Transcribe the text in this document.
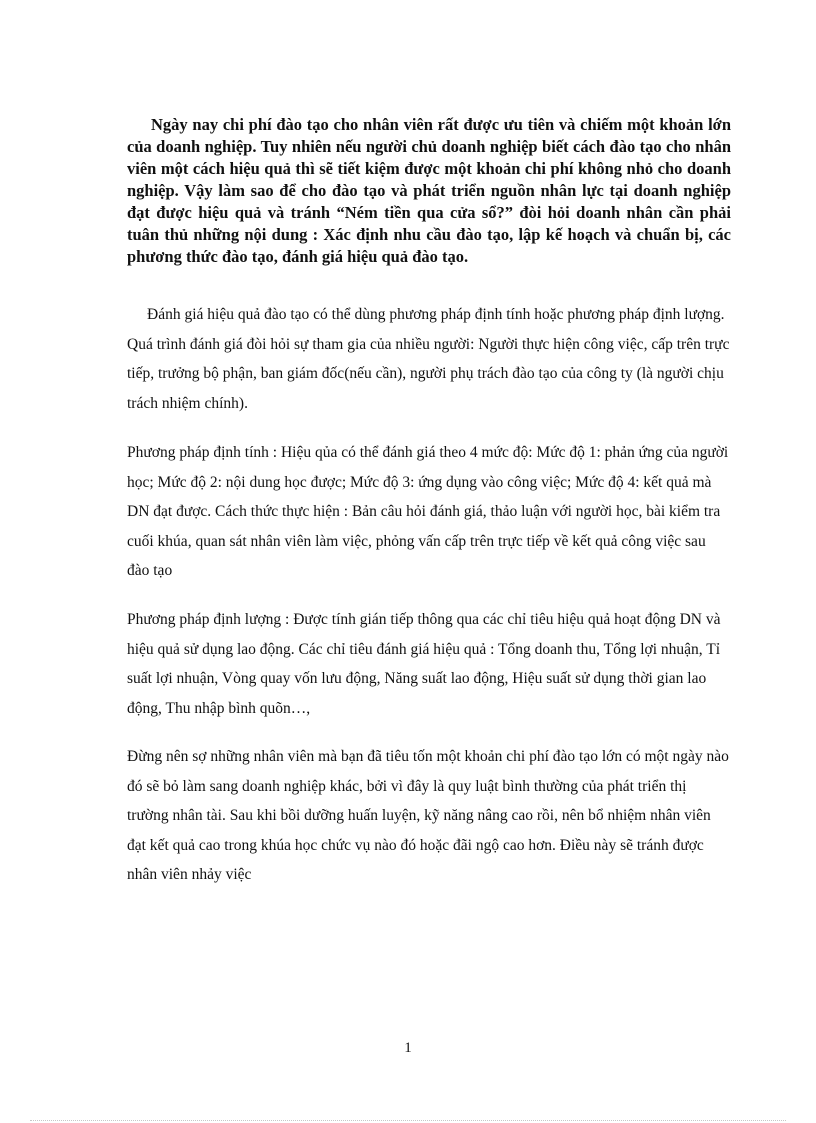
Ngày nay chi phí đào tạo cho nhân viên rất được ưu tiên và chiếm một khoản lớn của doanh nghiệp. Tuy nhiên nếu người chủ doanh nghiệp biết cách đào tạo cho nhân viên một cách hiệu quả thì sẽ tiết kiệm được một khoản chi phí không nhỏ cho doanh nghiệp. Vậy làm sao để cho đào tạo và phát triển nguồn nhân lực tại doanh nghiệp đạt được hiệu quả và tránh “Ném tiền qua cửa sổ?” đòi hỏi doanh nhân cần phải tuân thủ những nội dung : Xác định nhu cầu đào tạo, lập kế hoạch và chuẩn bị, các phương thức đào tạo, đánh giá hiệu quả đào tạo.

Đánh giá hiệu quả đào tạo có thể dùng phương pháp định tính hoặc phương pháp định lượng. Quá trình đánh giá đòi hỏi sự tham gia của nhiều người: Người thực hiện công việc, cấp trên trực tiếp, trưởng bộ phận, ban giám đốc(nếu cần), người phụ trách đào tạo của công ty (là người chịu trách nhiệm chính).

Phương pháp định tính : Hiệu qủa có thể đánh giá theo 4 mức độ: Mức độ 1: phản ứng của người học; Mức độ 2: nội dung học được; Mức độ 3: ứng dụng vào công việc; Mức độ 4: kết quả mà DN đạt được. Cách thức thực hiện : Bản câu hỏi đánh giá, thảo luận với người học, bài kiểm tra cuối khúa, quan sát nhân viên làm việc, phỏng vấn cấp trên trực tiếp về kết quả công việc sau đào tạo

Phương pháp định lượng : Được tính gián tiếp thông qua các chỉ tiêu hiệu quả hoạt động DN và hiệu quả sử dụng lao động. Các chỉ tiêu đánh giá hiệu quả : Tổng doanh thu, Tổng lợi nhuận, Tỉ suất lợi nhuận, Vòng quay vốn lưu động, Năng suất lao động, Hiệu suất sử dụng thời gian lao động, Thu nhập bình quõn…,

Đừng nên sợ những nhân viên mà bạn đã tiêu tốn một khoản chi phí đào tạo lớn có một ngày nào đó sẽ bỏ làm sang doanh nghiệp khác, bởi vì đây là quy luật bình thường của phát triển thị trường nhân tài. Sau khi bồi dưỡng huấn luyện, kỹ năng nâng cao rồi, nên bổ nhiệm nhân viên đạt kết quả cao trong khúa học chức vụ nào đó hoặc đãi ngộ cao hơn. Điều này sẽ tránh được nhân viên nhảy việc

1
